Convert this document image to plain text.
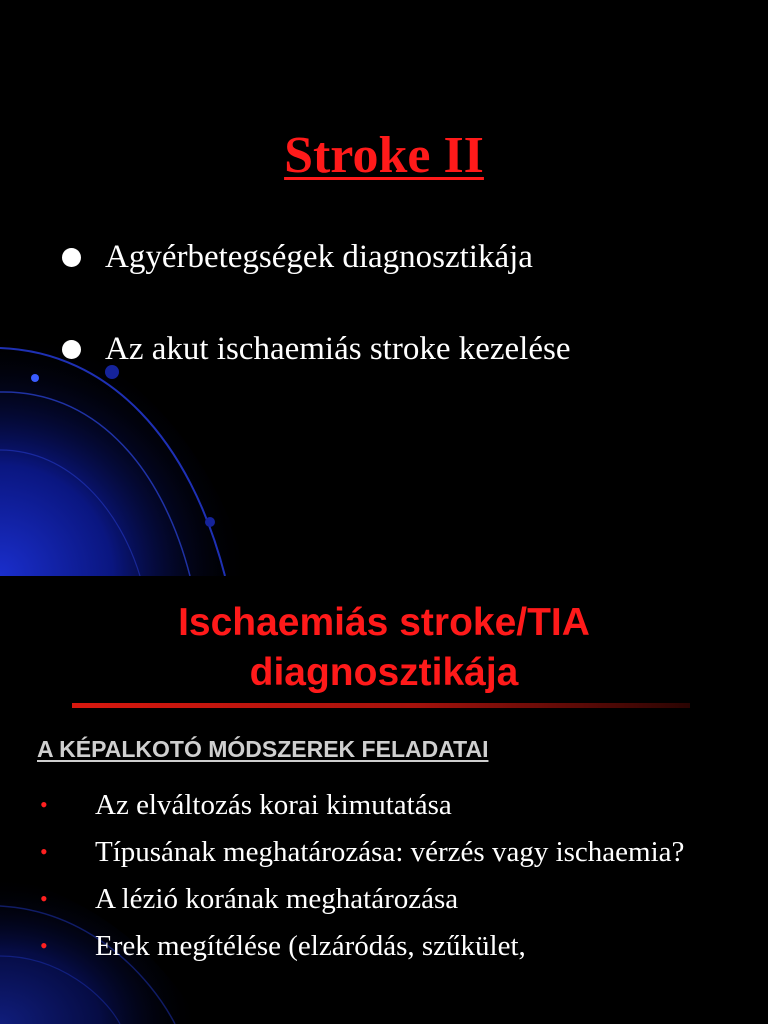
Stroke II
Agyérbetegségek diagnosztikája
Az akut ischaemiás stroke kezelése
Ischaemiás stroke/TIA
diagnosztikája
A KÉPALKOTÓ MÓDSZEREK FELADATAI
•	Az elváltozás korai kimutatása
•	Típusának meghatározása: vérzés vagy ischaemia?
•	A lézió korának meghatározása
•	Erek megítélése (elzáródás, szűkület,
